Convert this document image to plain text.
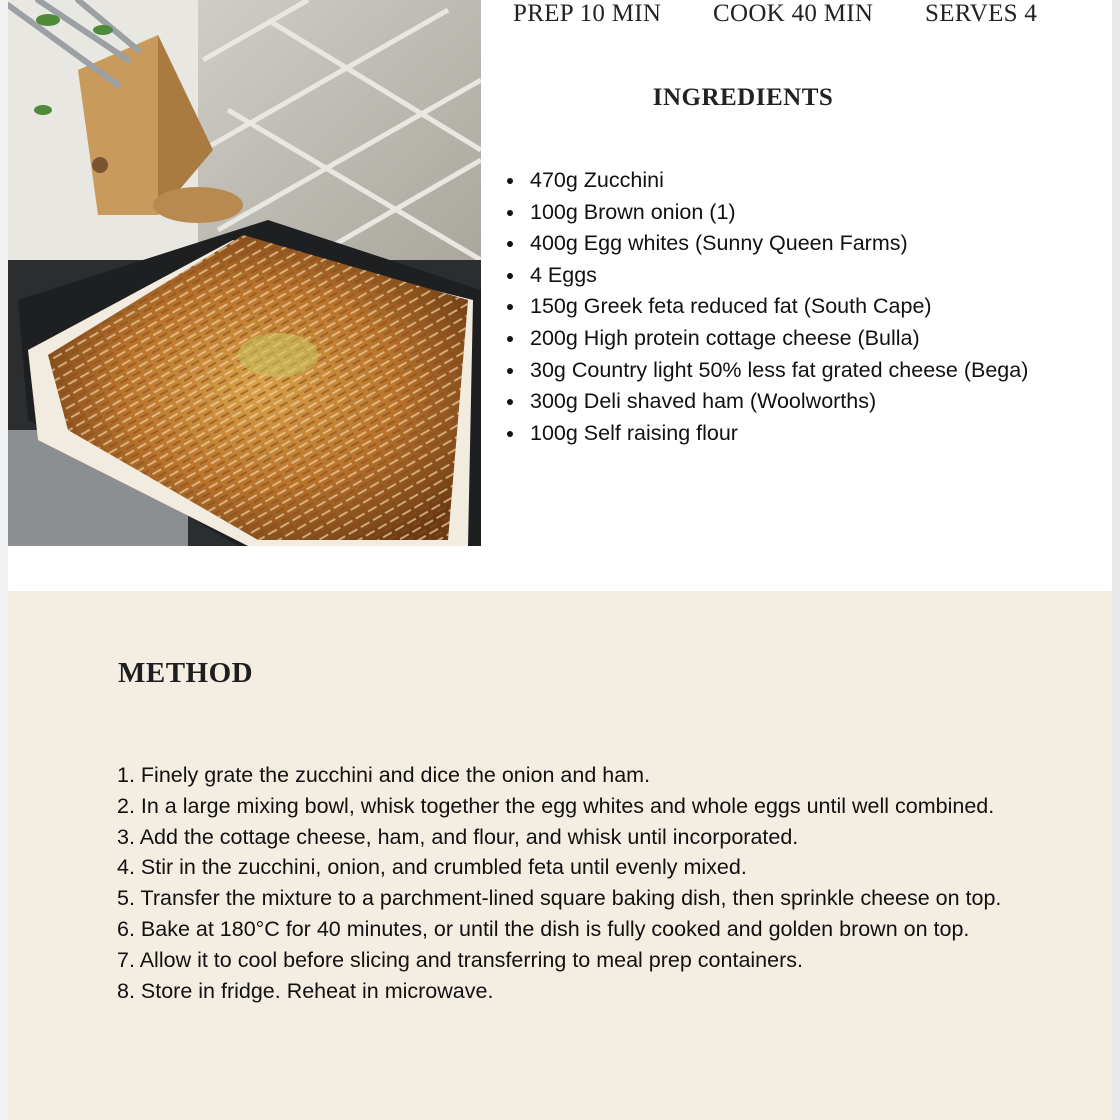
PREP 10 MIN COOK 40 MIN SERVES 4
INGREDIENTS
470g Zucchini
100g Brown onion (1)
400g Egg whites (Sunny Queen Farms)
4 Eggs
150g Greek feta reduced fat (South Cape)
200g High protein cottage cheese (Bulla)
30g Country light 50% less fat grated cheese (Bega)
300g Deli shaved ham (Woolworths)
100g Self raising flour
METHOD
1. Finely grate the zucchini and dice the onion and ham.
2. In a large mixing bowl, whisk together the egg whites and whole eggs until well combined.
3. Add the cottage cheese, ham, and flour, and whisk until incorporated.
4. Stir in the zucchini, onion, and crumbled feta until evenly mixed.
5. Transfer the mixture to a parchment-lined square baking dish, then sprinkle cheese on top.
6. Bake at 180°C for 40 minutes, or until the dish is fully cooked and golden brown on top.
7. Allow it to cool before slicing and transferring to meal prep containers.
8. Store in fridge. Reheat in microwave.
